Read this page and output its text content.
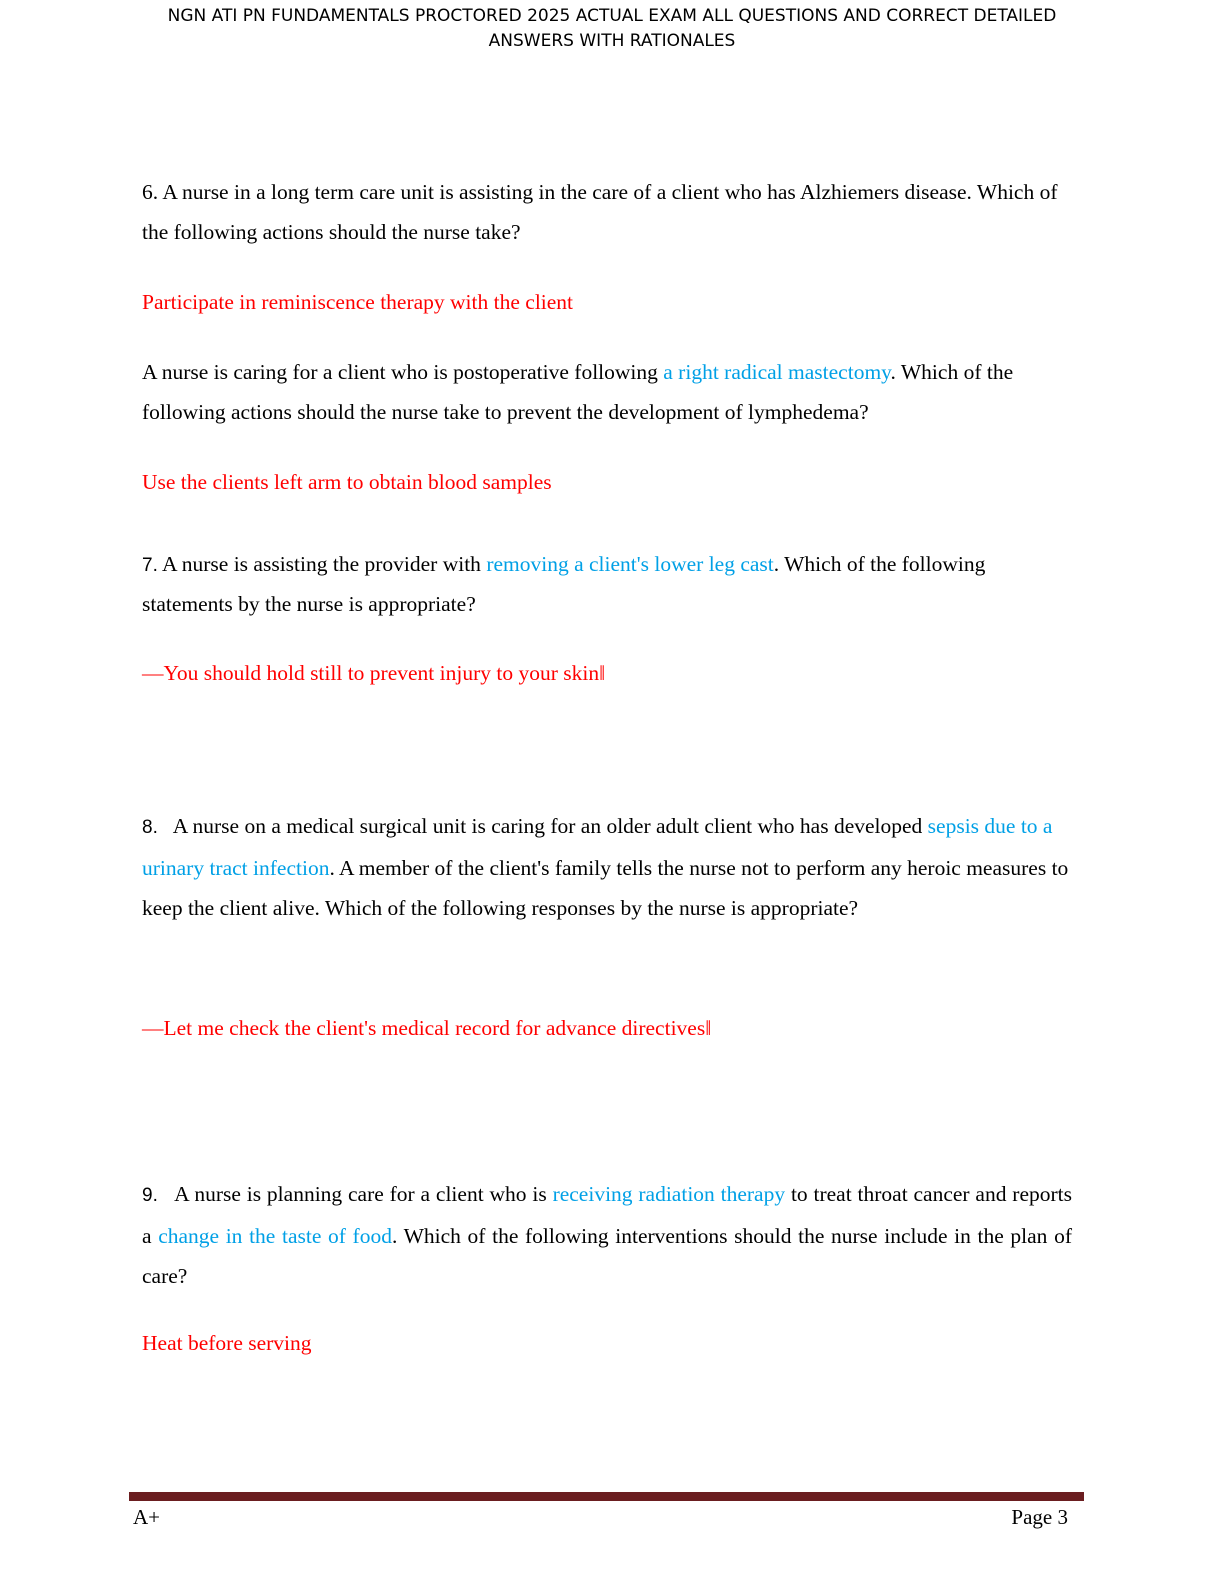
NGN ATI PN FUNDAMENTALS PROCTORED 2025 ACTUAL EXAM ALL QUESTIONS AND CORRECT DETAILED
ANSWERS WITH RATIONALES

6. A nurse in a long term care unit is assisting in the care of a client who has Alzhiemers disease. Which of the following actions should the nurse take?

Participate in reminiscence therapy with the client

A nurse is caring for a client who is postoperative following a right radical mastectomy. Which of the following actions should the nurse take to prevent the development of lymphedema?

Use the clients left arm to obtain blood samples

7. A nurse is assisting the provider with removing a client's lower leg cast. Which of the following statements by the nurse is appropriate?

—You should hold still to prevent injury to your skin‖

8.   A nurse on a medical surgical unit is caring for an older adult client who has developed sepsis due to a urinary tract infection. A member of the client's family tells the nurse not to perform any heroic measures to keep the client alive. Which of the following responses by the nurse is appropriate?

—Let me check the client's medical record for advance directives‖

9.   A nurse is planning care for a client who is receiving radiation therapy to treat throat cancer and reports a change in the taste of food. Which of the following interventions should the nurse include in the plan of care?

Heat before serving

A+	Page 3
